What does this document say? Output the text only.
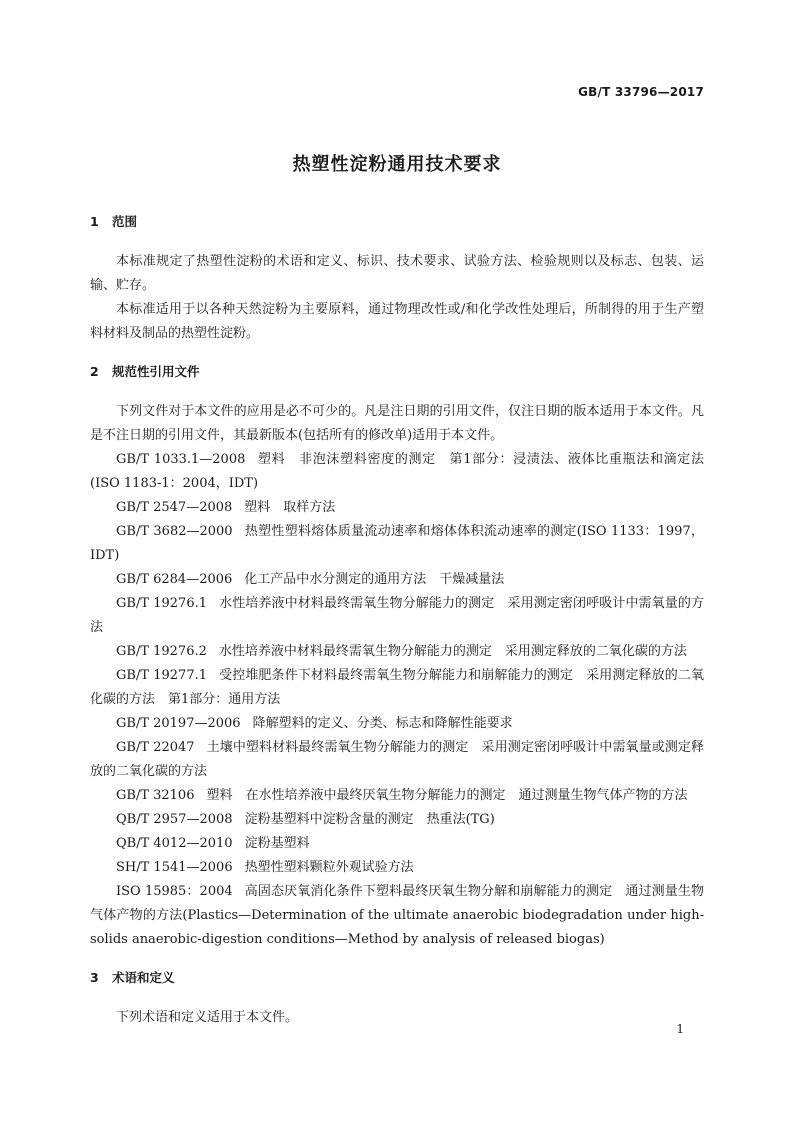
GB/T 33796—2017
热塑性淀粉通用技术要求
1 范围

本标准规定了热塑性淀粉的术语和定义、标识、技术要求、试验方法、检验规则以及标志、包装、运输、贮存。

本标准适用于以各种天然淀粉为主要原料，通过物理改性或/和化学改性处理后，所制得的用于生产塑料材料及制品的热塑性淀粉。

2 规范性引用文件

下列文件对于本文件的应用是必不可少的。凡是注日期的引用文件，仅注日期的版本适用于本文件。凡是不注日期的引用文件，其最新版本(包括所有的修改单)适用于本文件。

GB/T 1033.1—2008 塑料　非泡沫塑料密度的测定　第1部分：浸渍法、液体比重瓶法和滴定法(ISO 1183-1：2004，IDT)

GB/T 2547—2008 塑料　取样方法

GB/T 3682—2000 热塑性塑料熔体质量流动速率和熔体体积流动速率的测定(ISO 1133：1997，IDT)

GB/T 6284—2006 化工产品中水分测定的通用方法　干燥减量法

GB/T 19276.1 水性培养液中材料最终需氧生物分解能力的测定　采用测定密闭呼吸计中需氧量的方法

GB/T 19276.2 水性培养液中材料最终需氧生物分解能力的测定　采用测定释放的二氧化碳的方法

GB/T 19277.1 受控堆肥条件下材料最终需氧生物分解能力和崩解能力的测定　采用测定释放的二氧化碳的方法　第1部分：通用方法

GB/T 20197—2006 降解塑料的定义、分类、标志和降解性能要求

GB/T 22047 土壤中塑料材料最终需氧生物分解能力的测定　采用测定密闭呼吸计中需氧量或测定释放的二氧化碳的方法

GB/T 32106 塑料　在水性培养液中最终厌氧生物分解能力的测定　通过测量生物气体产物的方法

QB/T 2957—2008 淀粉基塑料中淀粉含量的测定　热重法(TG)

QB/T 4012—2010 淀粉基塑料

SH/T 1541—2006 热塑性塑料颗粒外观试验方法

ISO 15985：2004 高固态厌氧消化条件下塑料最终厌氧生物分解和崩解能力的测定　通过测量生物气体产物的方法(Plastics—Determination of the ultimate anaerobic biodegradation under high-solids anaerobic-digestion conditions—Method by analysis of released biogas)

3 术语和定义

下列术语和定义适用于本文件。

1
